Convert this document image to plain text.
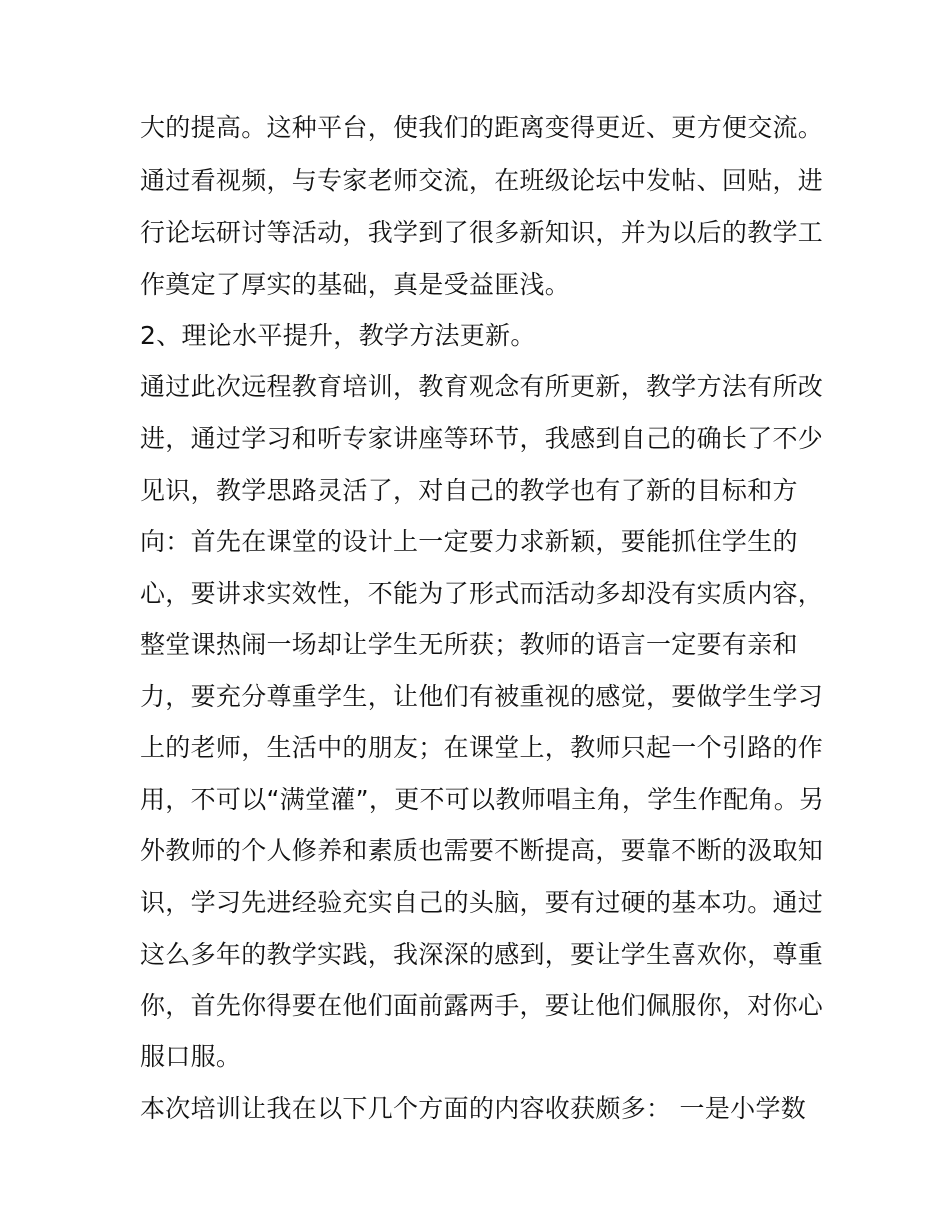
大的提高。这种平台，使我们的距离变得更近、更方便交流。
通过看视频，与专家老师交流，在班级论坛中发帖、回贴，进
行论坛研讨等活动，我学到了很多新知识，并为以后的教学工
作奠定了厚实的基础，真是受益匪浅。
2、理论水平提升，教学方法更新。
通过此次远程教育培训，教育观念有所更新，教学方法有所改
进，通过学习和听专家讲座等环节，我感到自己的确长了不少
见识，教学思路灵活了，对自己的教学也有了新的目标和方
向：首先在课堂的设计上一定要力求新颖，要能抓住学生的
心，要讲求实效性，不能为了形式而活动多却没有实质内容，
整堂课热闹一场却让学生无所获；教师的语言一定要有亲和
力，要充分尊重学生，让他们有被重视的感觉，要做学生学习
上的老师，生活中的朋友；在课堂上，教师只起一个引路的作
用，不可以“满堂灌”，更不可以教师唱主角，学生作配角。另
外教师的个人修养和素质也需要不断提高，要靠不断的汲取知
识，学习先进经验充实自己的头脑，要有过硬的基本功。通过
这么多年的教学实践，我深深的感到，要让学生喜欢你，尊重
你，首先你得要在他们面前露两手，要让他们佩服你，对你心
服口服。
本次培训让我在以下几个方面的内容收获颇多： 一是小学数
